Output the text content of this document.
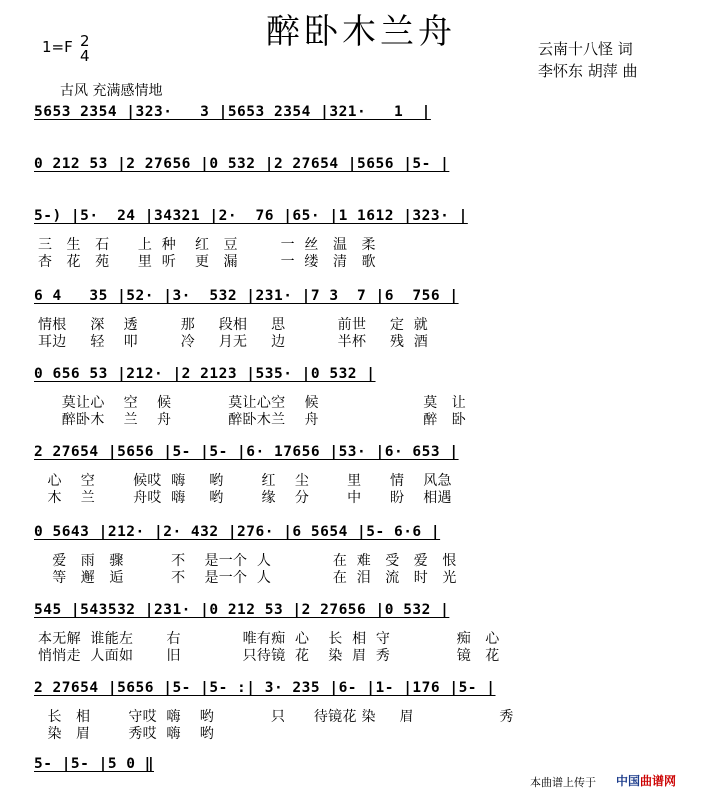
醉卧木兰舟
1=F 2
4	云南十八怪 词
李怀东 胡萍 曲
古风 充满感情地
5653 2354 |323·   3 |5653 2354 |321·   1  |
0 212 53 |2 27656 |0 532 |2 27654 |5656 |5- |
5-) |5·  24 |34321 |2·  76 |65· |1 1612 |323· |
三   生   石      上  种    红   豆         一  丝   温   柔
杏   花   苑      里  听    更   漏         一  缕   清   歌
6 4   35 |52· |3·  532 |231· |7 3  7 |6  756 |
情根     深    透         那     段相     思           前世     定  就
耳边     轻    叩         冷     月无     边           半杯     残  酒
0 656 53 |212· |2 2123 |535· |0 532 |
莫让心    空    候            莫让心空    候                      莫   让
醉卧木    兰    舟            醉卧木兰    舟                      醉   卧
2 27654 |5656 |5- |5- |6· 17656 |53· |6· 653 |
心    空        候哎  嗨     哟        红    尘        里      情    风急
木    兰        舟哎  嗨     哟        缘    分        中      盼    相遇
0 5643 |212· |2· 432 |276· |6 5654 |5- 6·6 |
爱   雨   骤          不    是一个  人             在  难   受   爱   恨
等   邂   逅          不    是一个  人             在  泪   流   时   光
545 |543532 |231· |0 212 53 |2 27656 |0 532 |
本无解  谁能左       右             唯有痴  心    长  相  守              痴   心
悄悄走  人面如       旧             只待镜  花    染  眉  秀              镜   花
2 27654 |5656 |5- |5- :| 3· 235 |6- |1- |176 |5- |
长   相        守哎  嗨    哟            只      待镜花 染     眉                  秀
染   眉        秀哎  嗨    哟
5- |5- |5 0 ‖
本曲谱上传于 中国曲谱网
